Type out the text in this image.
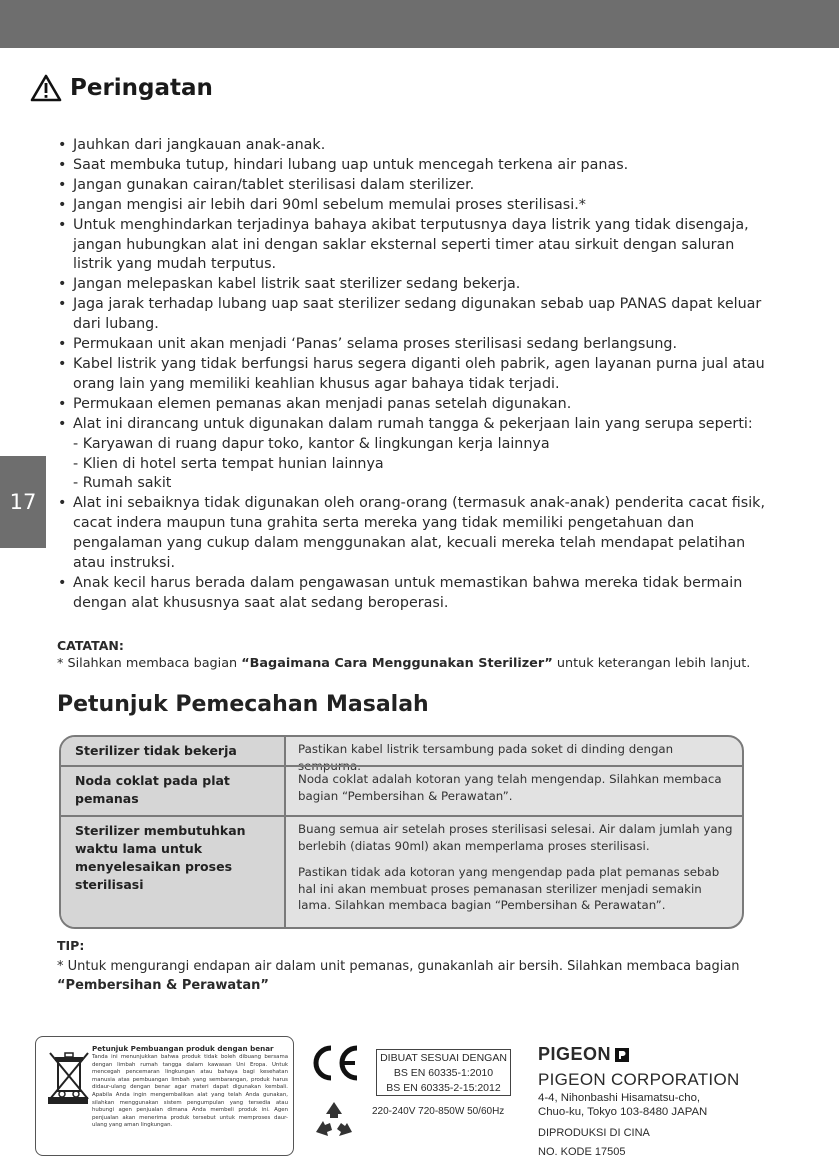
17
Peringatan
• Jauhkan dari jangkauan anak-anak.
• Saat membuka tutup, hindari lubang uap untuk mencegah terkena air panas.
• Jangan gunakan cairan/tablet sterilisasi dalam sterilizer.
• Jangan mengisi air lebih dari 90ml sebelum memulai proses sterilisasi.*
• Untuk menghindarkan terjadinya bahaya akibat terputusnya daya listrik yang tidak disengaja, jangan hubungkan alat ini dengan saklar eksternal seperti timer atau sirkuit dengan saluran listrik yang mudah terputus.
• Jangan melepaskan kabel listrik saat sterilizer sedang bekerja.
• Jaga jarak terhadap lubang uap saat sterilizer sedang digunakan sebab uap PANAS dapat keluar dari lubang.
• Permukaan unit akan menjadi ‘Panas’ selama proses sterilisasi sedang berlangsung.
• Kabel listrik yang tidak berfungsi harus segera diganti oleh pabrik, agen layanan purna jual atau orang lain yang memiliki keahlian khusus agar bahaya tidak terjadi.
• Permukaan elemen pemanas akan menjadi panas setelah digunakan.
• Alat ini dirancang untuk digunakan dalam rumah tangga & pekerjaan lain yang serupa seperti:
- Karyawan di ruang dapur toko, kantor & lingkungan kerja lainnya
- Klien di hotel serta tempat hunian lainnya
- Rumah sakit
• Alat ini sebaiknya tidak digunakan oleh orang-orang (termasuk anak-anak) penderita cacat fisik, cacat indera maupun tuna grahita serta mereka yang tidak memiliki pengetahuan dan pengalaman yang cukup dalam menggunakan alat, kecuali mereka telah mendapat pelatihan atau instruksi.
• Anak kecil harus berada dalam pengawasan untuk memastikan bahwa mereka tidak bermain dengan alat khususnya saat alat sedang beroperasi.
CATATAN:
* Silahkan membaca bagian “Bagaimana Cara Menggunakan Sterilizer” untuk keterangan lebih lanjut.
Petunjuk Pemecahan Masalah
Sterilizer tidak bekerja	Pastikan kabel listrik tersambung pada soket di dinding dengan sempurna.

Noda coklat pada plat pemanas

Noda coklat adalah kotoran yang telah mengendap. Silahkan membaca bagian “Pembersihan & Perawatan”.

Sterilizer membutuhkan waktu lama untuk menyelesaikan proses sterilisasi

Buang semua air setelah proses sterilisasi selesai. Air dalam jumlah yang berlebih (diatas 90ml) akan memperlama proses sterilisasi.

Pastikan tidak ada kotoran yang mengendap pada plat pemanas sebab hal ini akan membuat proses pemanasan sterilizer menjadi semakin lama. Silahkan membaca bagian “Pembersihan & Perawatan”.

TIP:
* Untuk mengurangi endapan air dalam unit pemanas, gunakanlah air bersih. Silahkan membaca bagian “Pembersihan & Perawatan”
Petunjuk Pembuangan produk dengan benar
Tanda ini menunjukkan bahwa produk tidak boleh dibuang bersama dengan limbah rumah tangga dalam kawasan Uni Eropa. Untuk mencegah pencemaran lingkungan atau bahaya bagi kesehatan manusia atas pembuangan limbah yang sembarangan, produk harus didaur-ulang dengan benar agar materi dapat digunakan kembali. Apabila Anda ingin mengembalikan alat yang telah Anda gunakan, silahkan menggunakan sistem pengumpulan yang tersedia atau hubungi agen penjualan dimana Anda membeli produk ini. Agen penjualan akan menerima produk tersebut untuk memproses daur-ulang yang aman lingkungan.
DIBUAT SESUAI DENGAN
BS EN 60335-1:2010
BS EN 60335-2-15:2012
220-240V 720-850W 50/60Hz
PIGEON
PIGEON CORPORATION
4-4, Nihonbashi Hisamatsu-cho,
Chuo-ku, Tokyo 103-8480 JAPAN
DIPRODUKSI DI CINA
NO. KODE 17505
